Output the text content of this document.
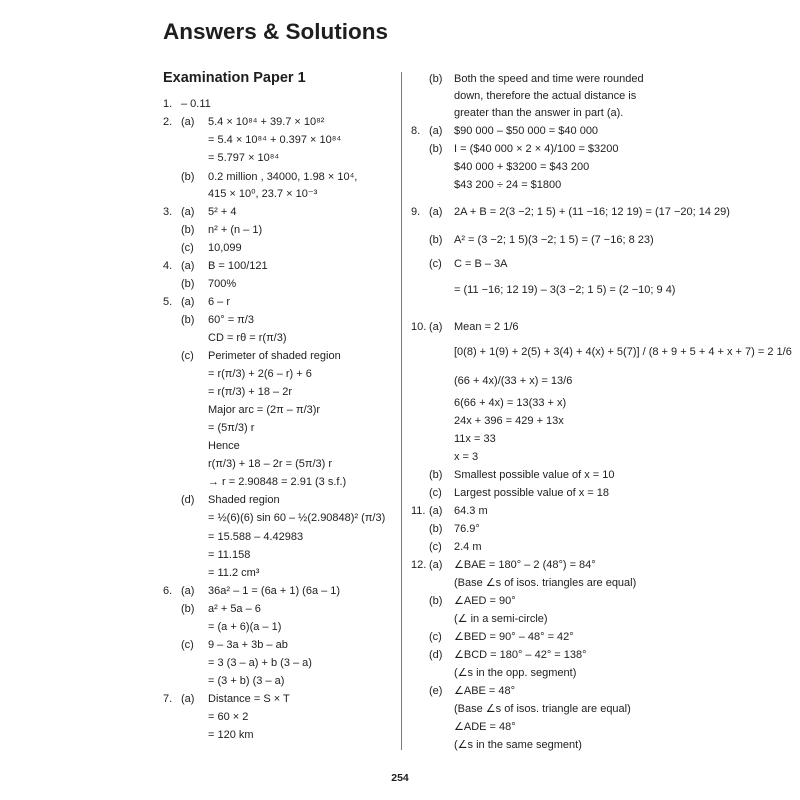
Answers & Solutions
Examination Paper 1
1. – 0.11
2. (a) 5.4 × 10⁸⁴ + 39.7 × 10⁸²
= 5.4 × 10⁸⁴ + 0.397 × 10⁸⁴
= 5.797 × 10⁸⁴
(b) 0.2 million , 34000, 1.98 × 10⁴,
415 × 10⁰, 23.7 × 10⁻³
3. (a) 5² + 4
(b) n² + (n – 1)
(c) 10,099
4. (a) B = 100/121
(b) 700%
5. (a) 6 – r
(b) 60° = π/3
CD = rθ = r(π/3)
(c) Perimeter of shaded region
= r(π/3) + 2(6 – r) + 6
= r(π/3) + 18 – 2r
Major arc = (2π – π/3)r
= (5π/3) r
Hence
r(π/3) + 18 – 2r = (5π/3) r
→ r = 2.90848 = 2.91 (3 s.f.)
(d) Shaded region
= ½(6)(6) sin 60 – ½(2.90848)² (π/3)
= 15.588 – 4.42983
= 11.158
= 11.2 cm³
6. (a) 36a² – 1 = (6a + 1) (6a – 1)
(b) a² + 5a – 6
= (a + 6)(a – 1)
(c) 9 – 3a + 3b – ab
= 3 (3 – a) + b (3 – a)
= (3 + b) (3 – a)
7. (a) Distance = S × T
= 60 × 2
= 120 km
(b) Both the speed and time were rounded
down, therefore the actual distance is
greater than the answer in part (a).
8. (a) $90 000 – $50 000 = $40 000
(b) I = ($40 000 × 2 × 4)/100 = $3200
$40 000 + $3200 = $43 200
$43 200 ÷ 24 = $1800
9. (a) 2A + B = 2(3 −2; 1 5) + (11 −16; 12 19) = (17 −20; 14 29)
(b) A² = (3 −2; 1 5)(3 −2; 1 5) = (7 −16; 8 23)
(c) C = B – 3A
= (11 −16; 12 19) – 3(3 −2; 1 5) = (2 −10; 9 4)
10. (a) Mean = 2 1/6
[0(8) + 1(9) + 2(5) + 3(4) + 4(x) + 5(7)] / (8 + 9 + 5 + 4 + x + 7) = 2 1/6
(66 + 4x)/(33 + x) = 13/6
6(66 + 4x) = 13(33 + x)
24x + 396 = 429 + 13x
11x = 33
x = 3
(b) Smallest possible value of x = 10
(c) Largest possible value of x = 18
11. (a) 64.3 m
(b) 76.9°
(c) 2.4 m
12. (a) ∠BAE = 180° – 2 (48°) = 84°
(Base ∠s of isos. triangles are equal)
(b) ∠AED = 90°
(∠ in a semi-circle)
(c) ∠BED = 90° – 48° = 42°
(d) ∠BCD = 180° – 42° = 138°
(∠s in the opp. segment)
(e) ∠ABE = 48°
(Base ∠s of isos. triangle are equal)
∠ADE = 48°
(∠s in the same segment)
254
